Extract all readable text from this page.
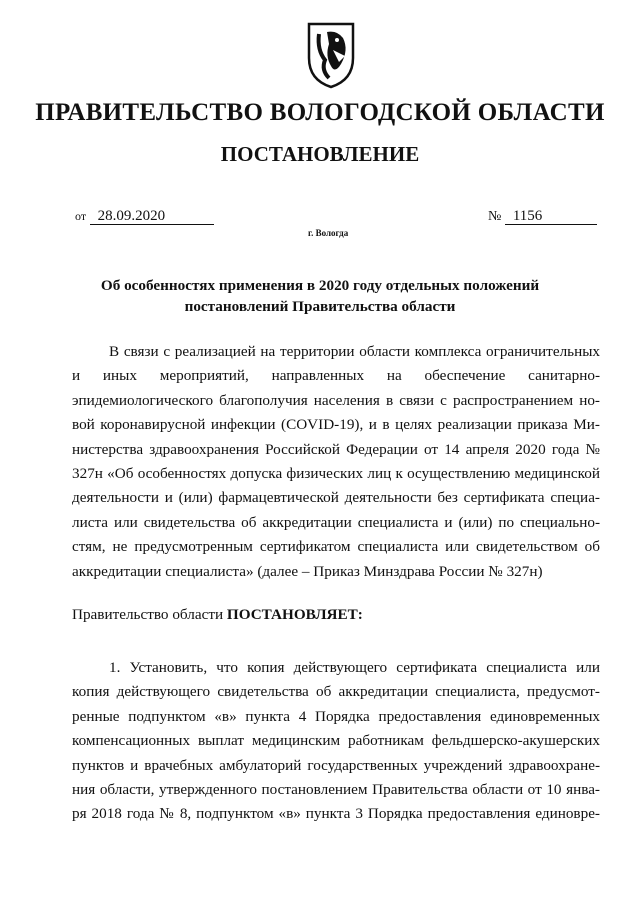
ПРАВИТЕЛЬСТВО ВОЛОГОДСКОЙ ОБЛАСТИ
ПОСТАНОВЛЕНИЕ
от 28.09.2020	№ 1156
г. Вологда
Об особенностях применения в 2020 году отдельных положений
постановлений Правительства области
В связи с реализацией на территории области комплекса ограничительных
и иных мероприятий, направленных на обеспечение санитарно-
эпидемиологического благополучия населения в связи с распространением но-
вой коронавирусной инфекции (COVID-19), и в целях реализации приказа Ми-
нистерства здравоохранения Российской Федерации от 14 апреля 2020 года №
327н «Об особенностях допуска физических лиц к осуществлению медицинской
деятельности и (или) фармацевтической деятельности без сертификата специа-
листа или свидетельства об аккредитации специалиста и (или) по специально-
стям, не предусмотренным сертификатом специалиста или свидетельством об
аккредитации специалиста» (далее – Приказ Минздрава России № 327н)
Правительство области ПОСТАНОВЛЯЕТ:
1. Установить, что копия действующего сертификата специалиста или
копия действующего свидетельства об аккредитации специалиста, предусмот-
ренные подпунктом «в» пункта 4 Порядка предоставления единовременных
компенсационных выплат медицинским работникам фельдшерско-акушерских
пунктов и врачебных амбулаторий государственных учреждений здравоохране-
ния области, утвержденного постановлением Правительства области от 10 янва-
ря 2018 года № 8, подпунктом «в» пункта 3 Порядка предоставления единовре-
